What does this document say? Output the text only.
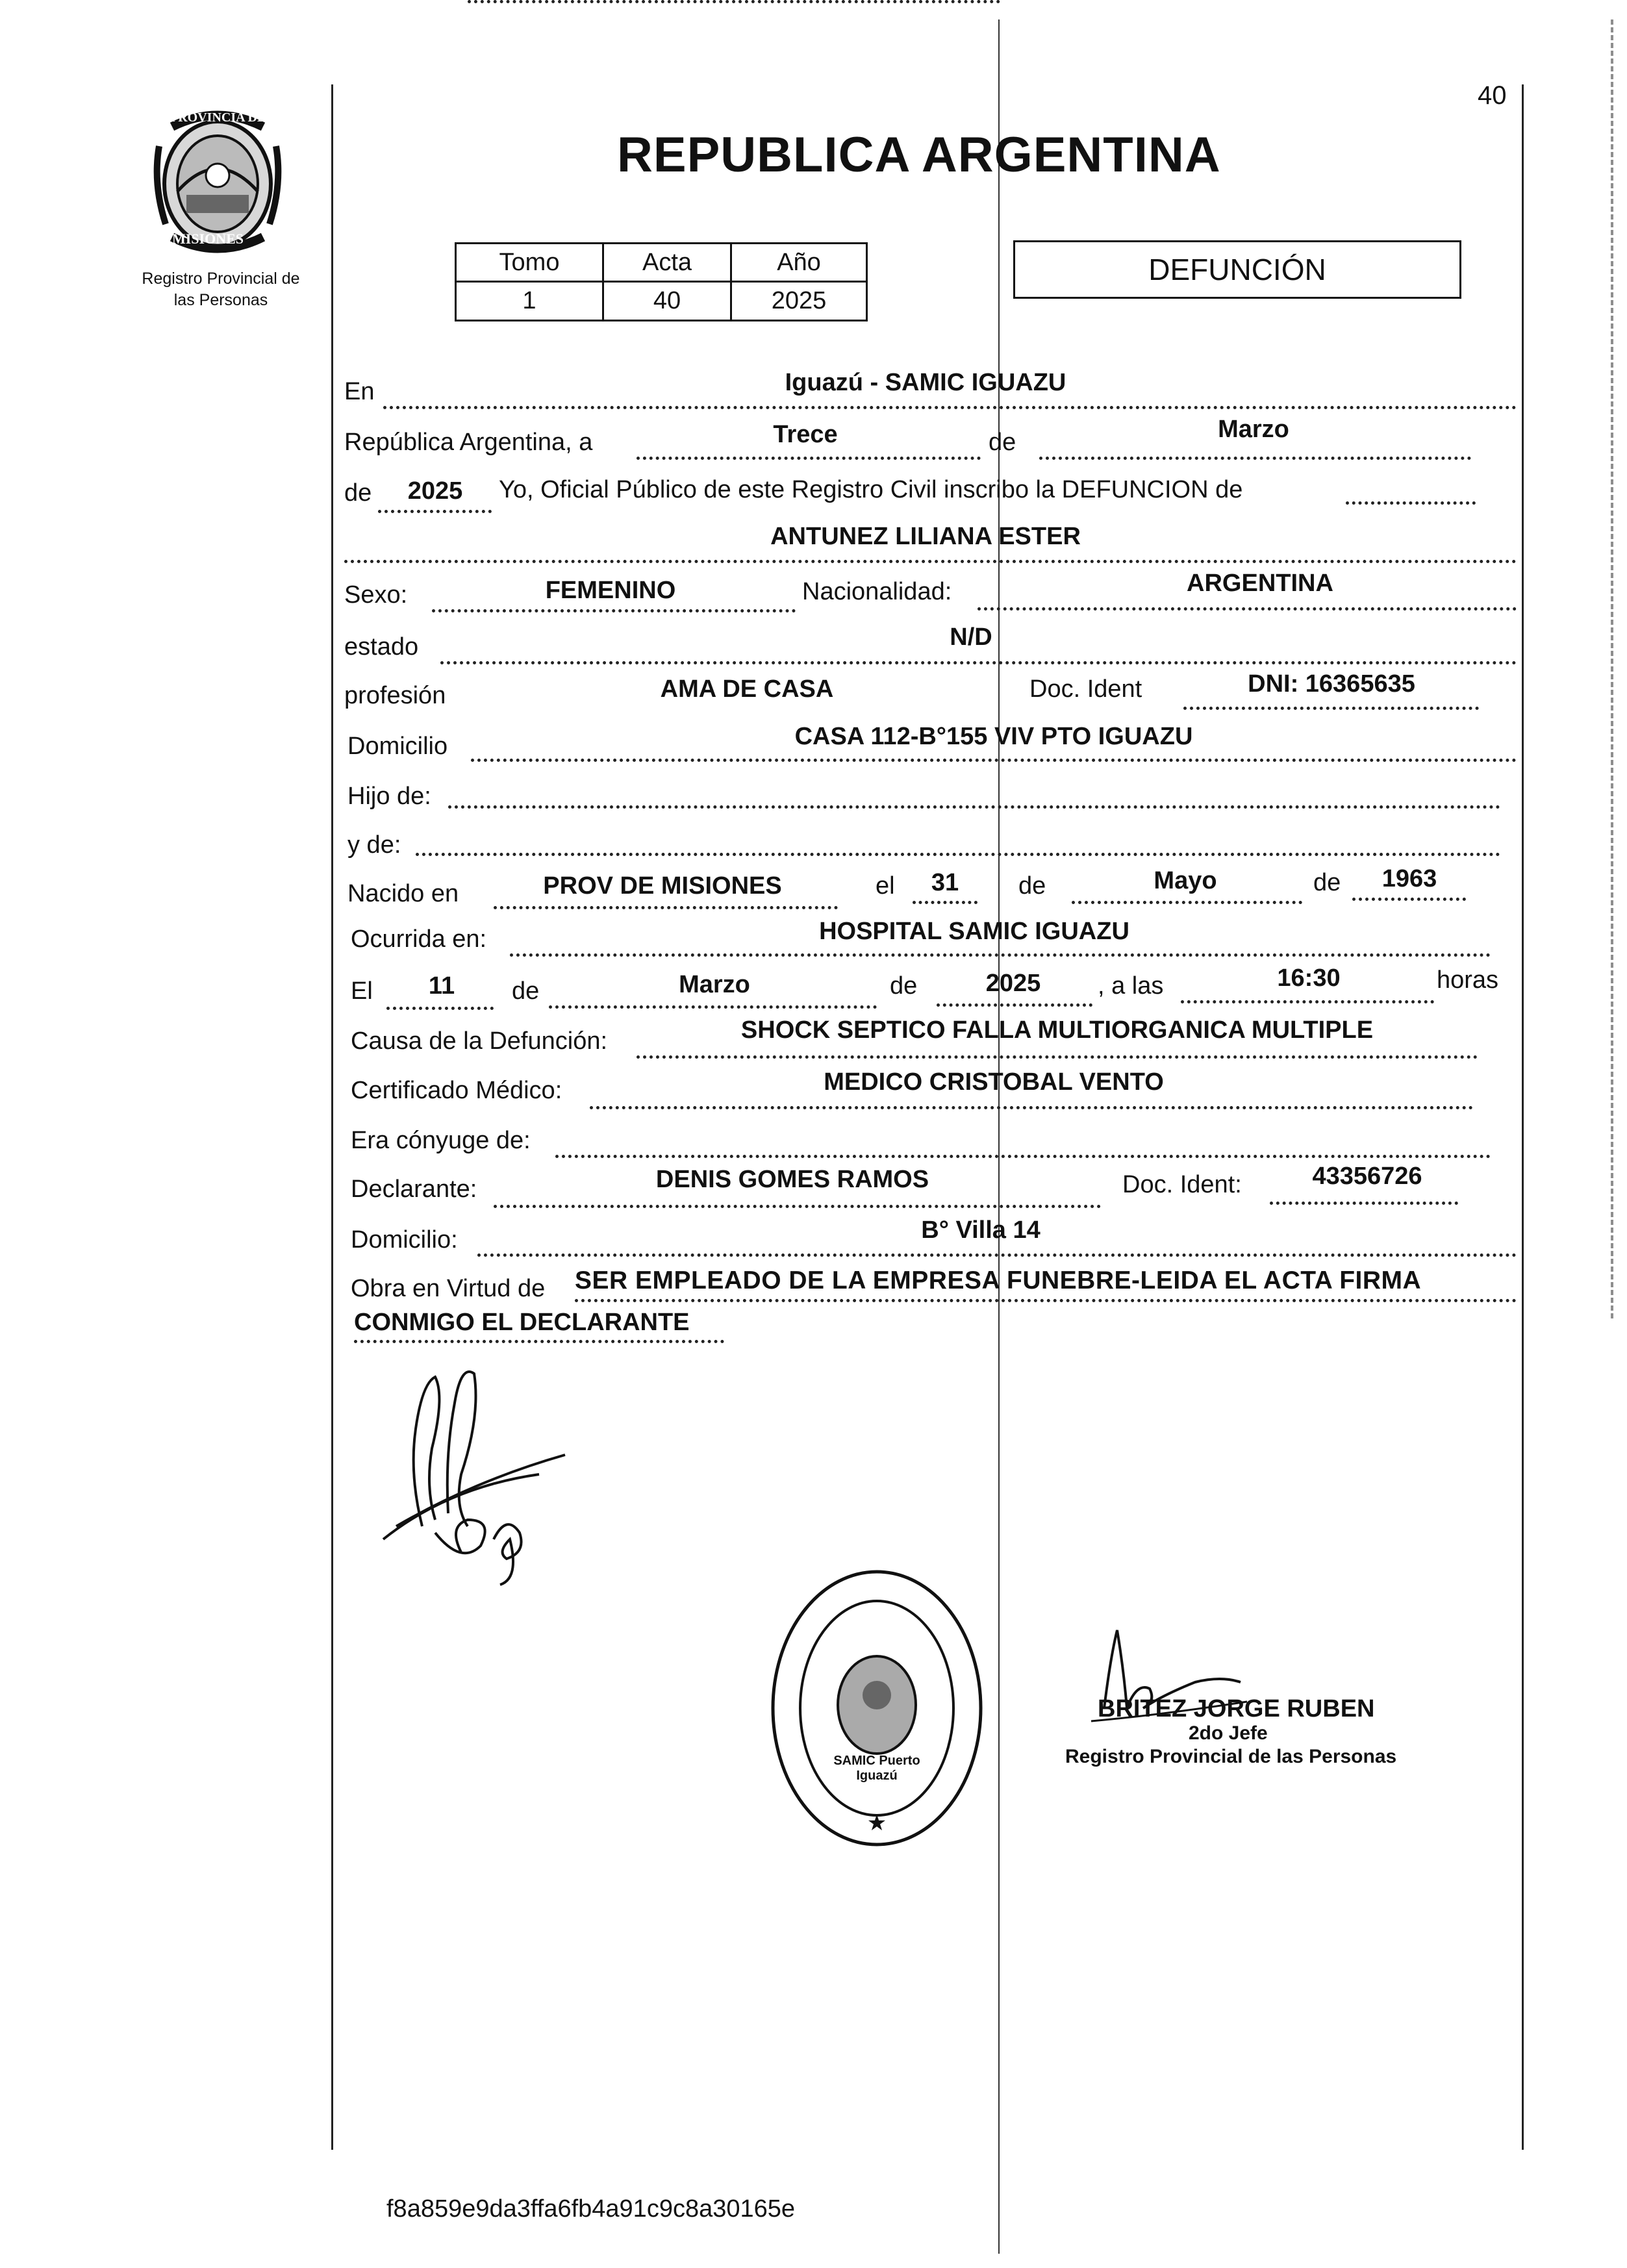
40
PROVINCIA DE
MISIONES
Registro Provincial de
las Personas
REPUBLICA ARGENTINA
Tomo	Acta	Año
1	40	2025
DEFUNCIÓN
En	Iguazú - SAMIC IGUAZU
República Argentina, a	Trece	de	Marzo
de	2025	Yo, Oficial Público de este Registro Civil inscribo la DEFUNCION de
ANTUNEZ LILIANA ESTER
Sexo:	FEMENINO	Nacionalidad:	ARGENTINA
estado	N/D
profesión	AMA DE CASA	Doc. Ident	DNI: 16365635
Domicilio	CASA 112-B°155 VIV PTO IGUAZU
Hijo de:
y de:
Nacido en	PROV DE MISIONES	el	31	de	Mayo	de	1963
Ocurrida en:	HOSPITAL SAMIC IGUAZU
El	11	de	Marzo	de	2025	, a las	16:30	horas
Causa de la Defunción:	SHOCK SEPTICO FALLA MULTIORGANICA MULTIPLE
Certificado Médico:	MEDICO CRISTOBAL VENTO
Era cónyuge de:
Declarante:	DENIS GOMES RAMOS	Doc. Ident:	43356726
Domicilio:	B° Villa 14
Obra en Virtud de SER EMPLEADO DE LA EMPRESA FUNEBRE-LEIDA EL ACTA FIRMA
CONMIGO EL DECLARANTE
★
SAMIC Puerto Iguazú
BRITEZ JORGE RUBEN
2do Jefe
Registro Provincial de las Personas
f8a859e9da3ffa6fb4a91c9c8a30165e
